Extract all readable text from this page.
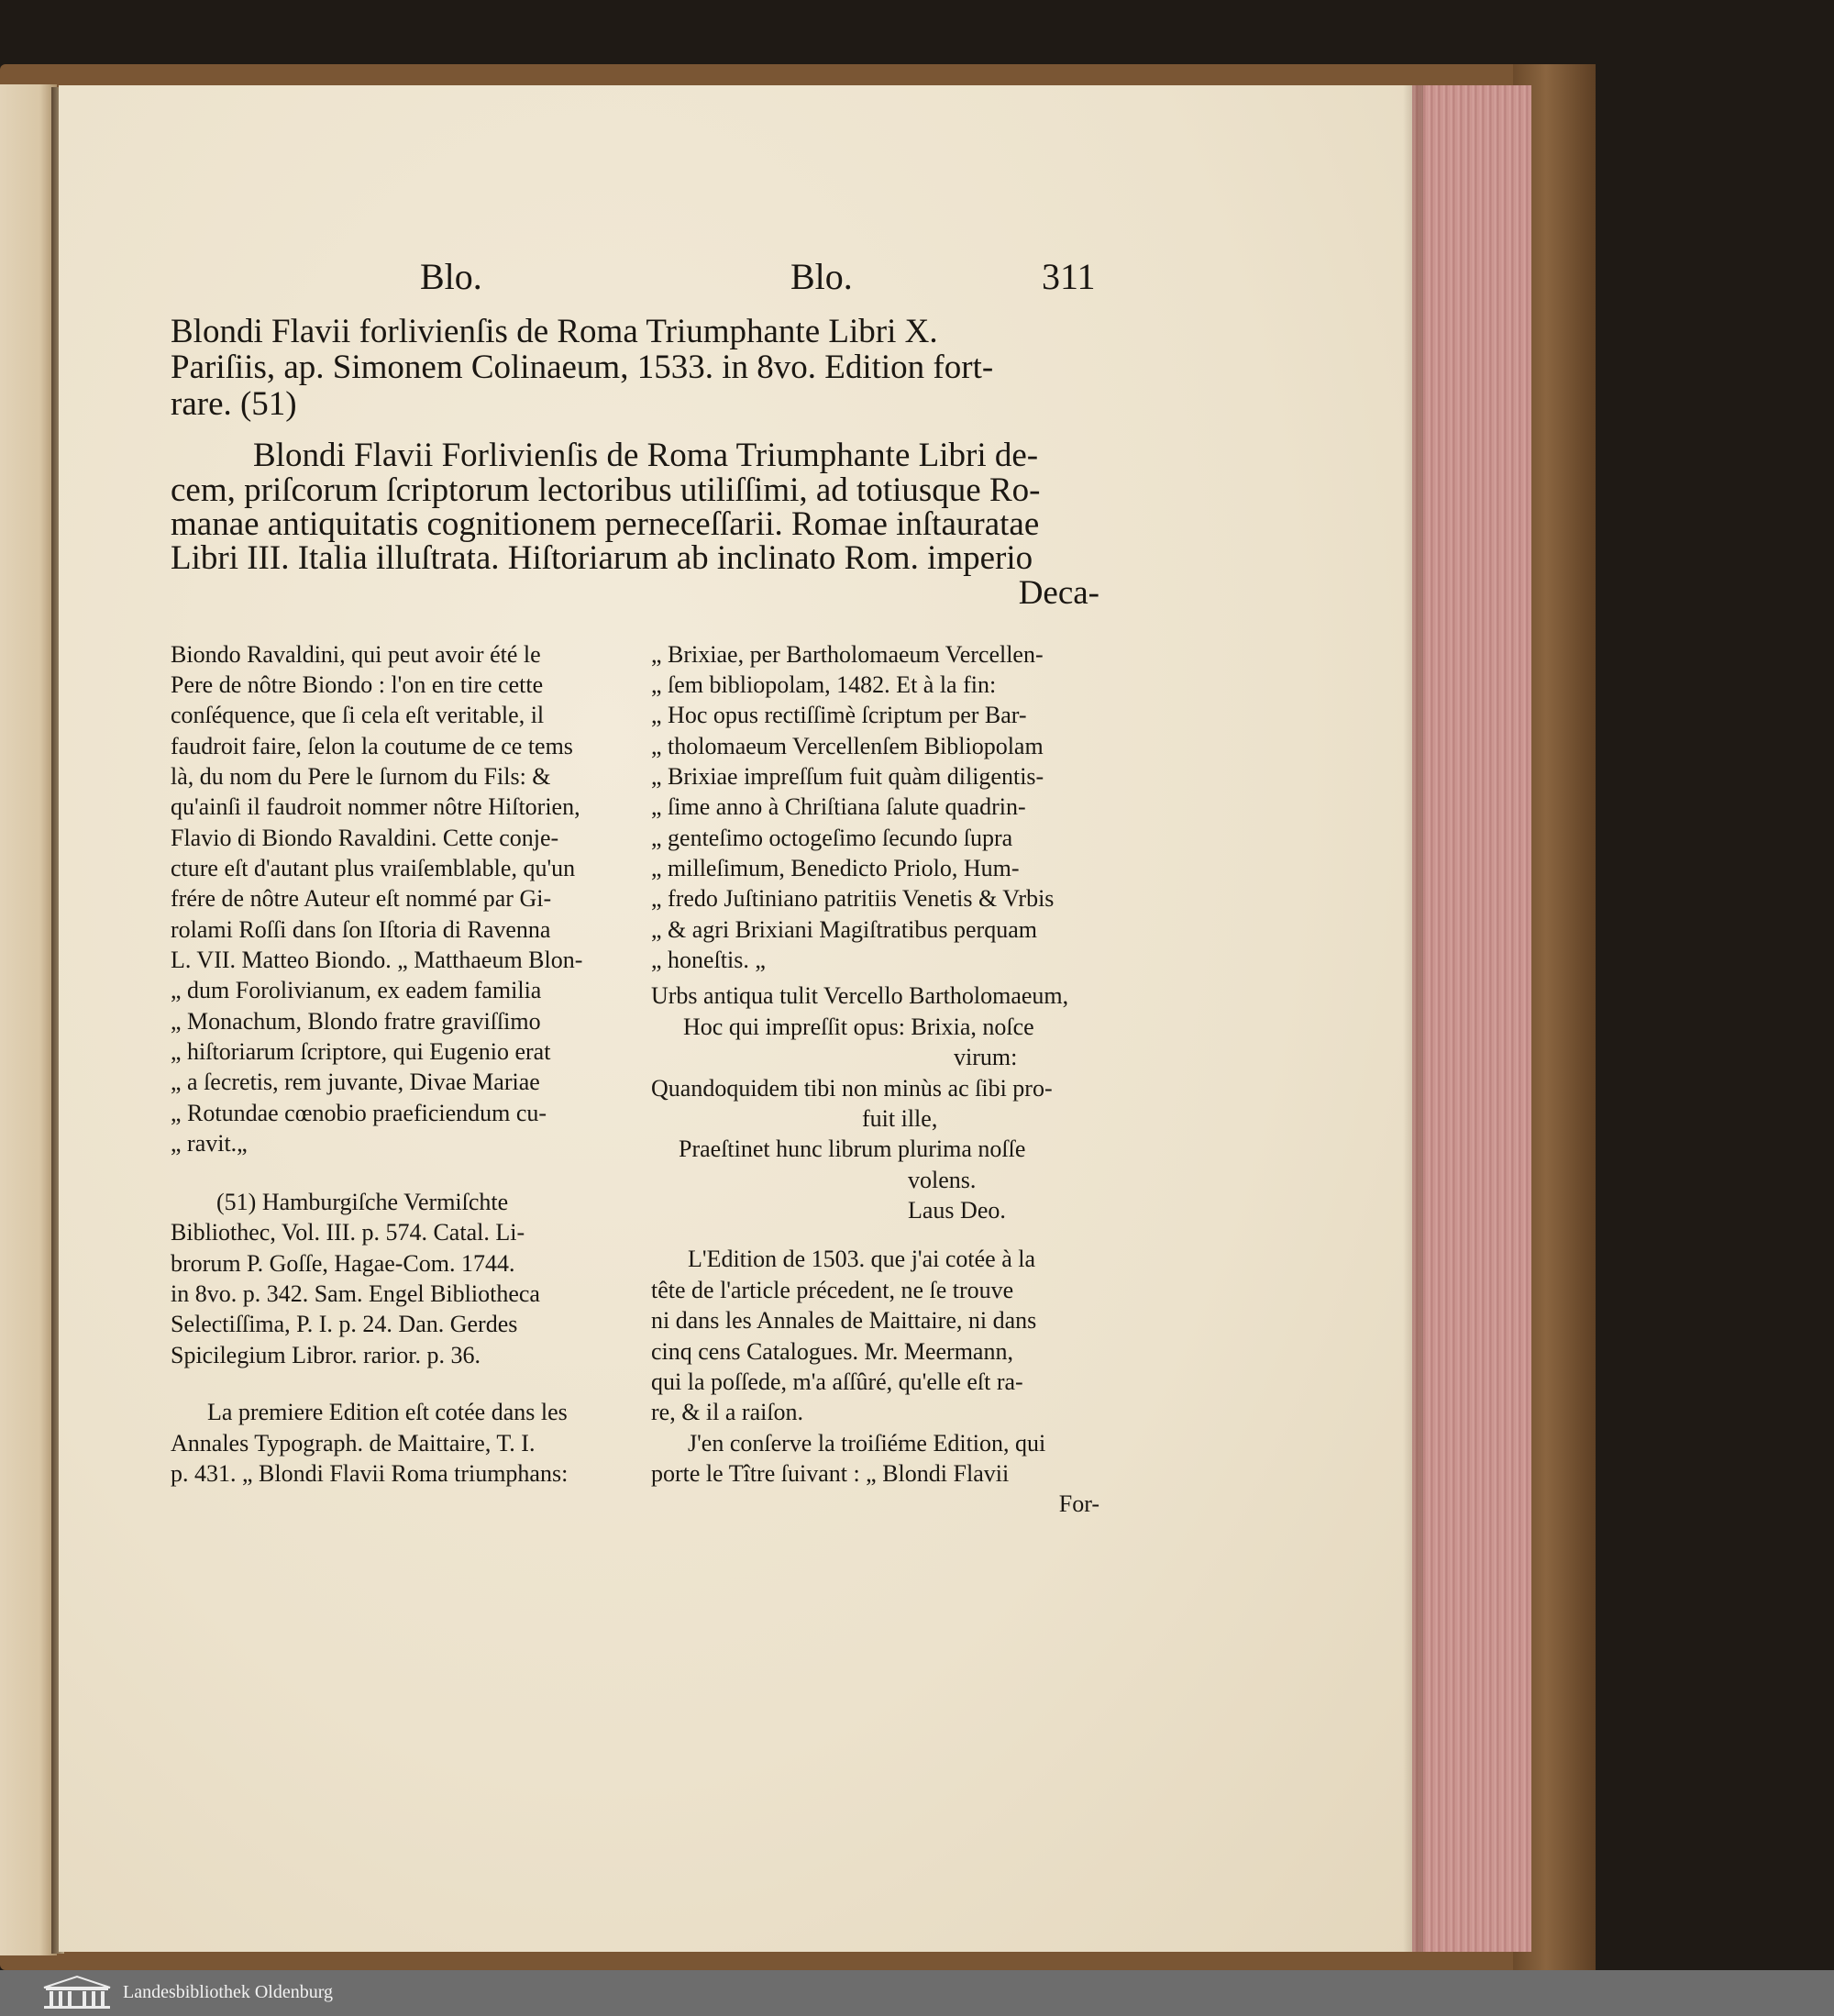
Blo.	Blo.	311
Blondi Flavii forlivienſis de Roma Triumphante Libri X.
Pariſiis, ap. Simonem Colinaeum, 1533. in 8vo. Edition fort-
rare. (51)
Blondi Flavii Forlivienſis de Roma Triumphante Libri de-
cem, priſcorum ſcriptorum lectoribus utiliſſimi, ad totiusque Ro-
manae antiquitatis cognitionem perneceſſarii. Romae inſtauratae
Libri III. Italia illuſtrata. Hiſtoriarum ab inclinato Rom. imperio
Deca-
Biondo Ravaldini, qui peut avoir été le
Pere de nôtre Biondo : l'on en tire cette
conſéquence, que ſi cela eſt veritable, il
faudroit faire, ſelon la coutume de ce tems
là, du nom du Pere le ſurnom du Fils: &
qu'ainſi il faudroit nommer nôtre Hiſtorien,
Flavio di Biondo Ravaldini. Cette conje-
cture eſt d'autant plus vraiſemblable, qu'un
frére de nôtre Auteur eſt nommé par Gi-
rolami Roſſi dans ſon Iſtoria di Ravenna
L. VII. Matteo Biondo. „ Matthaeum Blon-
„ dum Forolivianum, ex eadem familia
„ Monachum, Blondo fratre graviſſimo
„ hiſtoriarum ſcriptore, qui Eugenio erat
„ a ſecretis, rem juvante, Divae Mariae
„ Rotundae cœnobio praeficiendum cu-
„ ravit.„
(51) Hamburgiſche Vermiſchte
Bibliothec, Vol. III. p. 574. Catal. Li-
brorum P. Goſſe, Hagae-Com. 1744.
in 8vo. p. 342. Sam. Engel Bibliotheca
Selectiſſima, P. I. p. 24. Dan. Gerdes
Spicilegium Libror. rarior. p. 36.
La premiere Edition eſt cotée dans les
Annales Typograph. de Maittaire, T. I.
p. 431. „ Blondi Flavii Roma triumphans:
„ Brixiae, per Bartholomaeum Vercellen-
„ ſem bibliopolam, 1482. Et à la fin:
„ Hoc opus rectiſſimè ſcriptum per Bar-
„ tholomaeum Vercellenſem Bibliopolam
„ Brixiae impreſſum fuit quàm diligentis-
„ ſime anno à Chriſtiana ſalute quadrin-
„ genteſimo octogeſimo ſecundo ſupra
„ milleſimum, Benedicto Priolo, Hum-
„ fredo Juſtiniano patritiis Venetis & Vrbis
„ & agri Brixiani Magiſtratibus perquam
„ honeſtis. „
Urbs antiqua tulit Vercello Bartholomaeum,
Hoc qui impreſſit opus: Brixia, noſce
virum:
Quandoquidem tibi non minùs ac ſibi pro-
fuit ille,
Praeſtinet hunc librum plurima noſſe
volens.
Laus Deo.
L'Edition de 1503. que j'ai cotée à la
tête de l'article précedent, ne ſe trouve
ni dans les Annales de Maittaire, ni dans
cinq cens Catalogues. Mr. Meermann,
qui la poſſede, m'a aſſûré, qu'elle eſt ra-
re, & il a raiſon.
J'en conſerve la troiſiéme Edition, qui
porte le Tître ſuivant : „ Blondi Flavii
For-
Landesbibliothek Oldenburg
